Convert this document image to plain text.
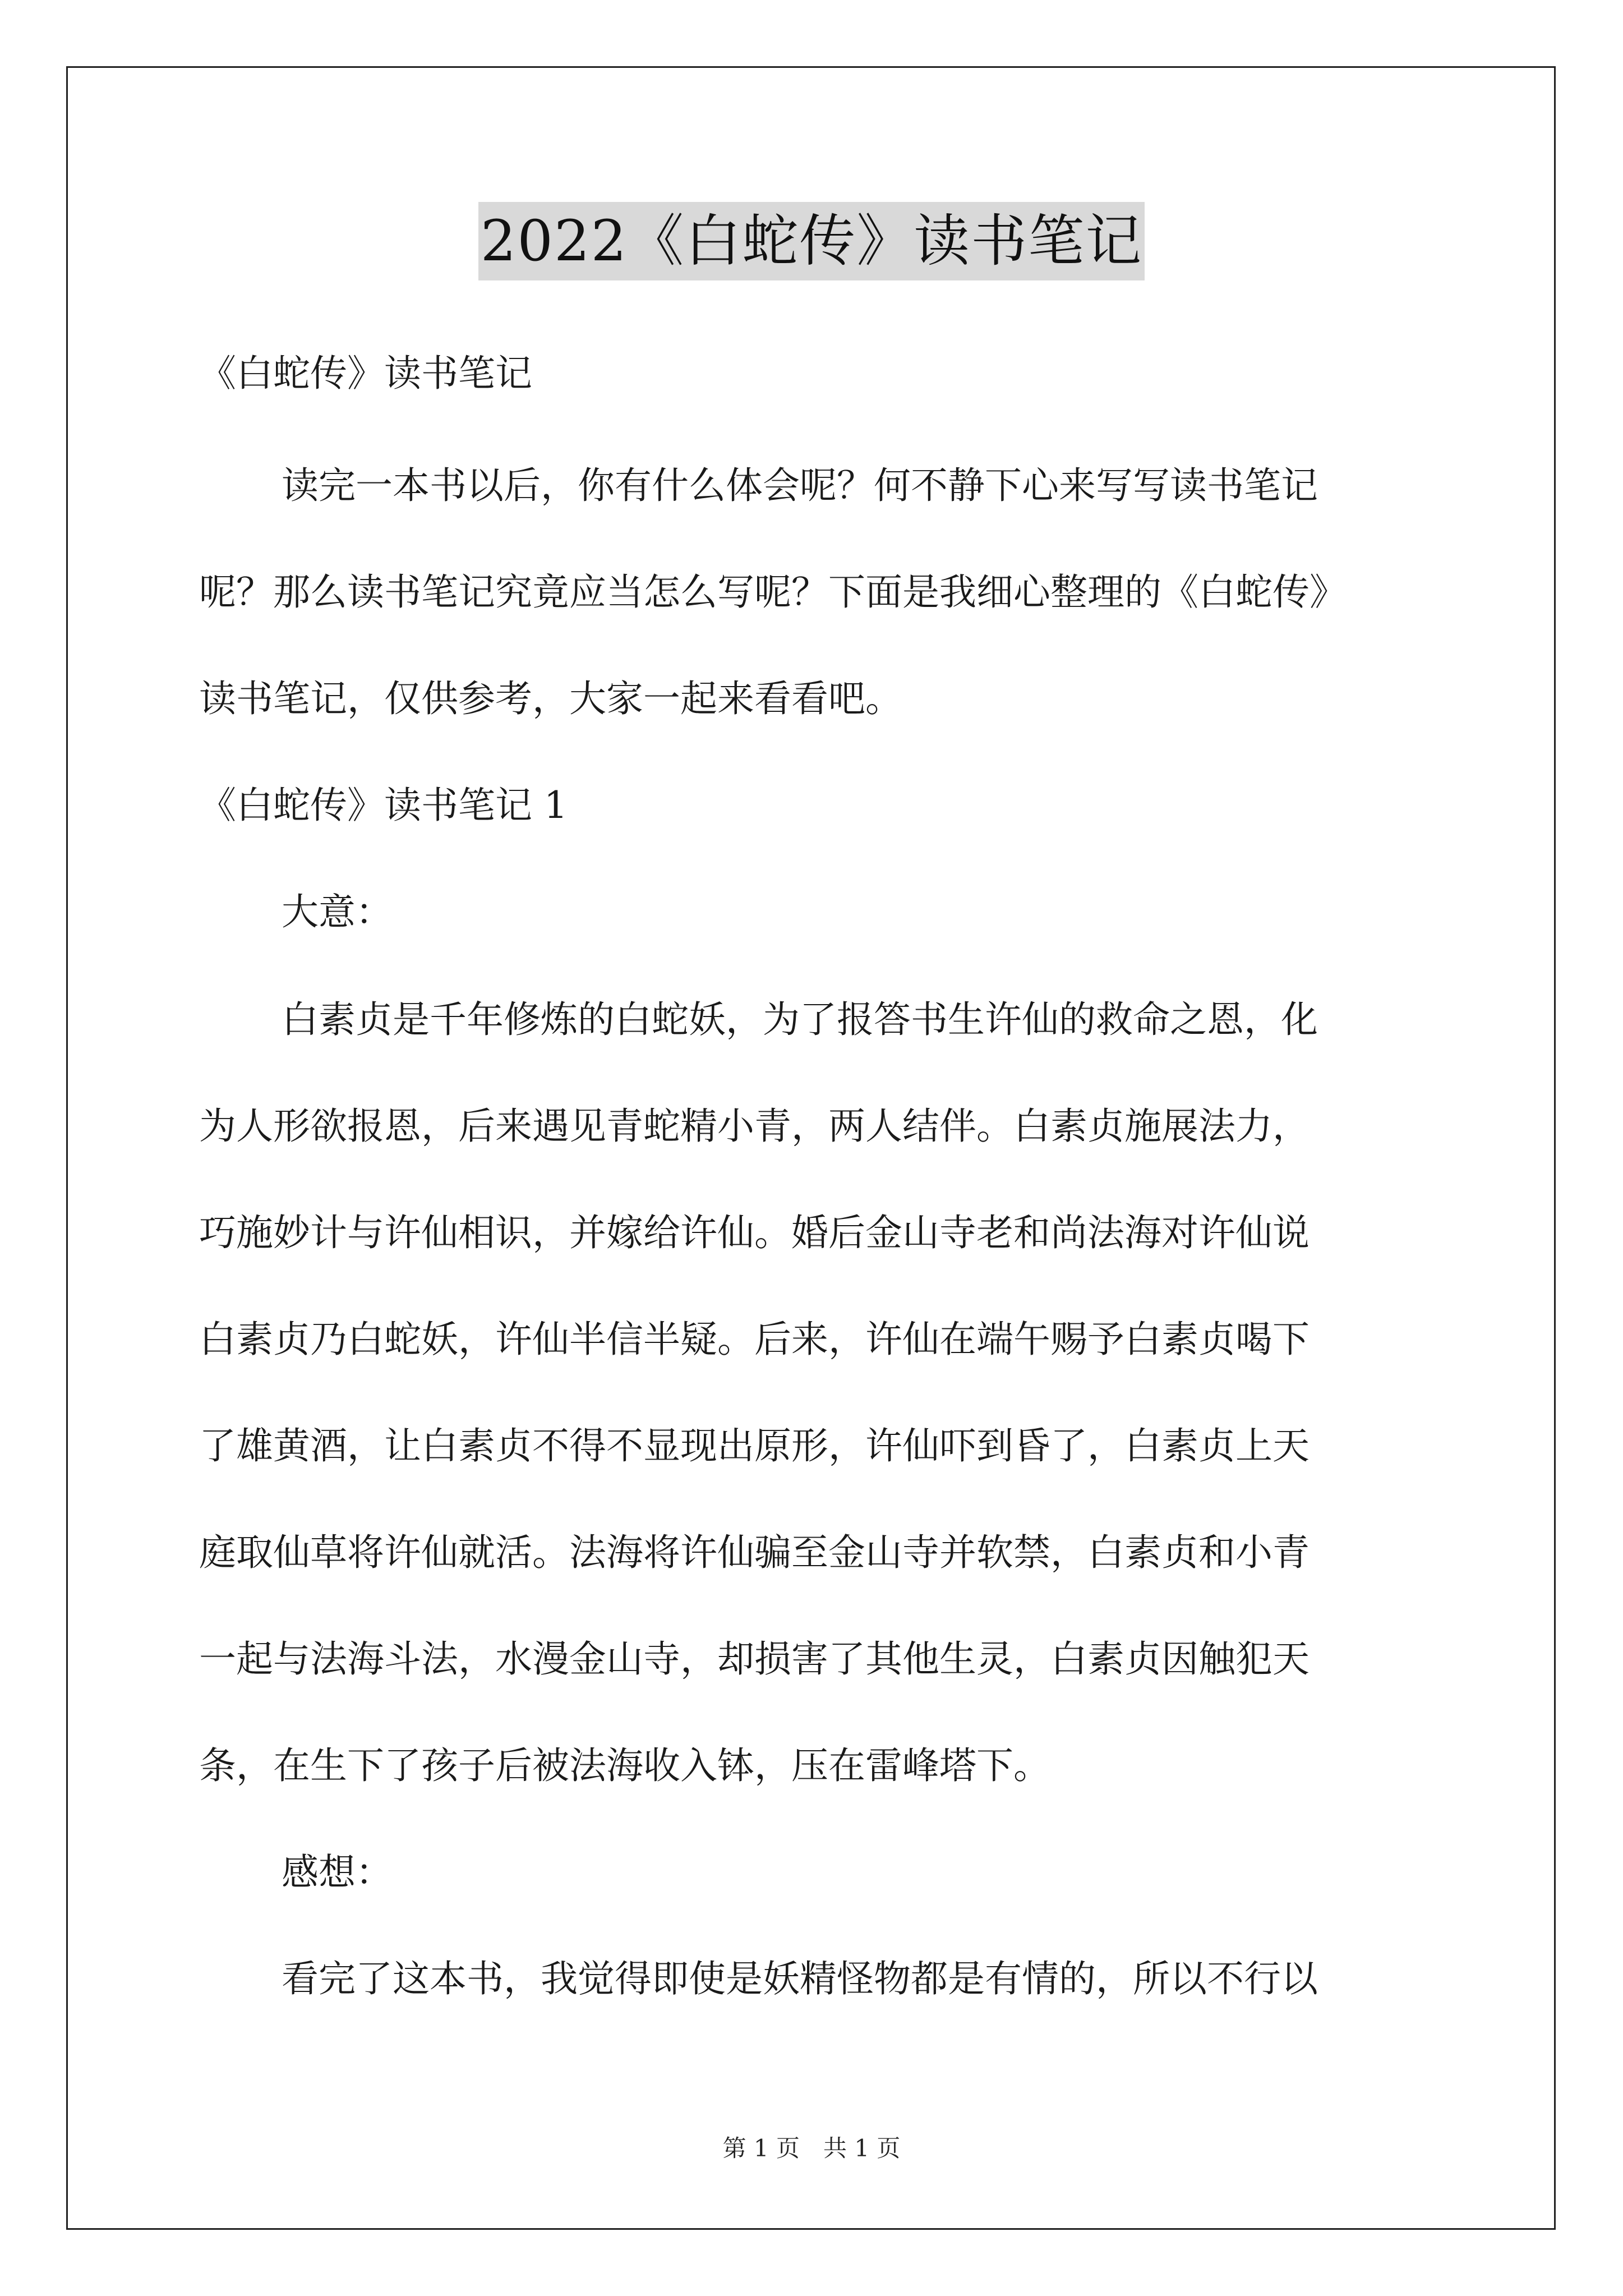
2022《白蛇传》读书笔记
《白蛇传》读书笔记
读完一本书以后，你有什么体会呢？何不静下心来写写读书笔记
呢？那么读书笔记究竟应当怎么写呢？下面是我细心整理的《白蛇传》
读书笔记，仅供参考，大家一起来看看吧。
《白蛇传》读书笔记 1
大意：
白素贞是千年修炼的白蛇妖，为了报答书生许仙的救命之恩，化
为人形欲报恩，后来遇见青蛇精小青，两人结伴。白素贞施展法力，
巧施妙计与许仙相识，并嫁给许仙。婚后金山寺老和尚法海对许仙说
白素贞乃白蛇妖，许仙半信半疑。后来，许仙在端午赐予白素贞喝下
了雄黄酒，让白素贞不得不显现出原形，许仙吓到昏了，白素贞上天
庭取仙草将许仙就活。法海将许仙骗至金山寺并软禁，白素贞和小青
一起与法海斗法，水漫金山寺，却损害了其他生灵，白素贞因触犯天
条，在生下了孩子后被法海收入钵，压在雷峰塔下。
感想：
看完了这本书，我觉得即使是妖精怪物都是有情的，所以不行以
第 1 页 共 1 页
